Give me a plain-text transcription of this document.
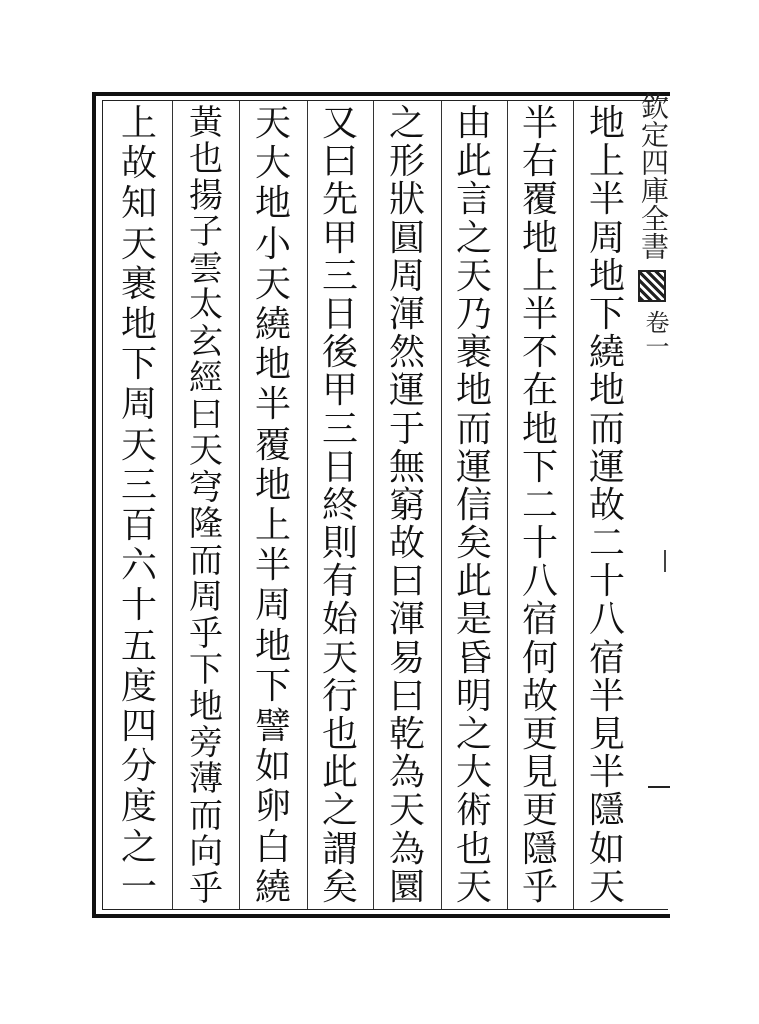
欽定四庫全書
卷一
地
上
半
周
地
下
繞
地
而
運
故
二
十
八
宿
半
見
半
隱
如
天
半
右
覆
地
上
半
不
在
地
下
二
十
八
宿
何
故
更
見
更
隱
乎
由
此
言
之
天
乃
裹
地
而
運
信
矣
此
是
昏
明
之
大
術
也
天
之
形
狀
圓
周
渾
然
運
于
無
窮
故
曰
渾
易
曰
乾
為
天
為
圜
又
曰
先
甲
三
日
後
甲
三
日
終
則
有
始
天
行
也
此
之
謂
矣
天
大
地
小
天
繞
地
半
覆
地
上
半
周
地
下
譬
如
卵
白
繞
黃
也
揚
子
雲
太
玄
經
曰
天
穹
隆
而
周
乎
下
地
旁
薄
而
向
乎
上
故
知
天
裹
地
下
周
天
三
百
六
十
五
度
四
分
度
之
一
